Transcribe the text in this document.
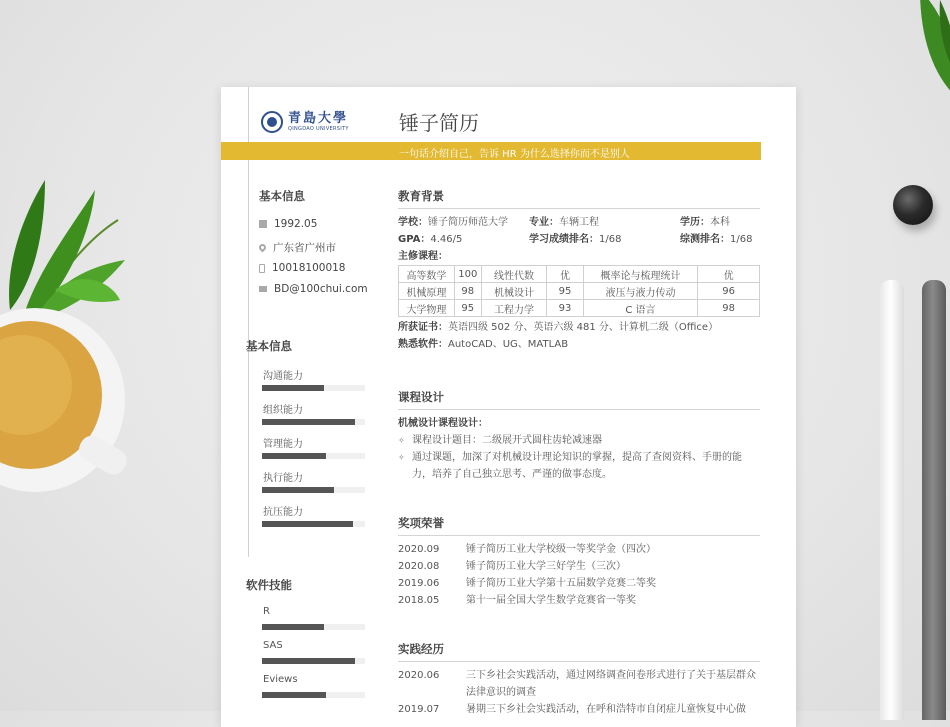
青島大學
QINGDAO UNIVERSITY	锤子简历
一句话介绍自己，告诉 HR 为什么选择你而不是别人
基本信息
1992.05
广东省广州市
10018100018
BD@100chui.com
基本信息
沟通能力
组织能力
管理能力
执行能力
抗压能力
软件技能
R
SAS
Eviews
教育背景
学校：锤子简历师范大学	专业：车辆工程	学历：本科
GPA：4.46/5	学习成绩排名：1/68	综测排名：1/68
主修课程：
高等数学	100	线性代数	优	概率论与梳理统计	优
机械原理	98	机械设计	95	液压与液力传动	96
大学物理	95	工程力学	93	C 语言	98
所获证书：英语四级 502 分、英语六级 481 分、计算机二级（Office）
熟悉软件：AutoCAD、UG、MATLAB
课程设计
机械设计课程设计：
✧ 课程设计题目：二级展开式圆柱齿轮减速器
✧ 通过课题，加深了对机械设计理论知识的掌握，提高了查阅资料、手册的能力，培养了自己独立思考、严谨的做事态度。
奖项荣誉
2020.09	锤子简历工业大学校级一等奖学金（四次）
2020.08	锤子简历工业大学三好学生（三次）
2019.06	锤子简历工业大学第十五届数学竞赛二等奖
2018.05	第十一届全国大学生数学竞赛省一等奖
实践经历
2020.06	三下乡社会实践活动，通过网络调查问卷形式进行了关于基层群众法律意识的调查
2019.07	暑期三下乡社会实践活动，在呼和浩特市自闭症儿童恢复中心做
